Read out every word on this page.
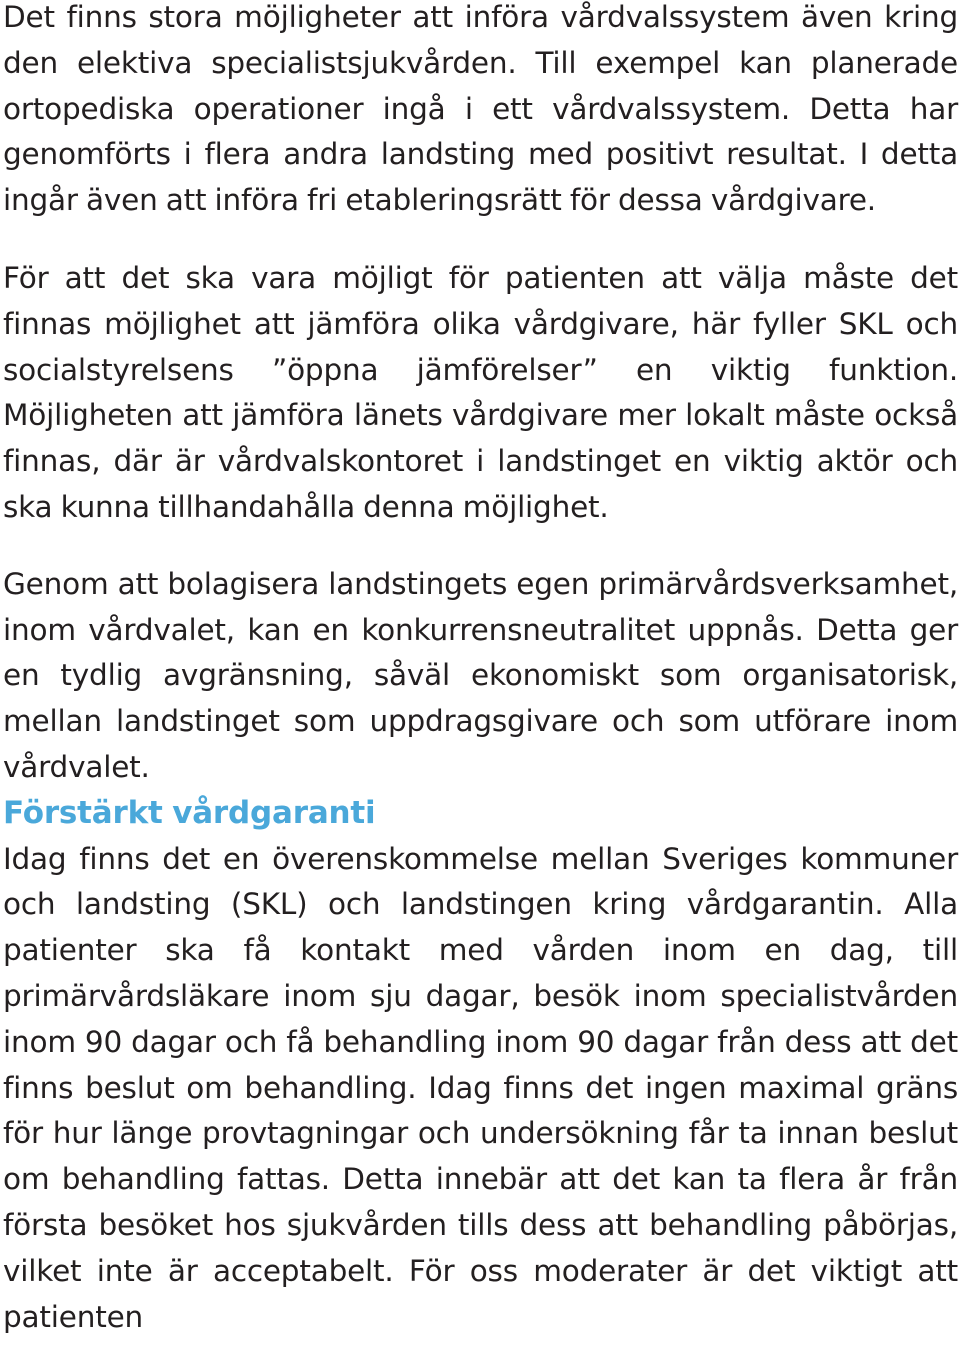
Det finns stora möjligheter att införa vårdvalssystem även kring den elektiva specialistsjukvården. Till exempel kan planerade ortopediska operationer ingå i ett vårdvalssystem. Detta har genomförts i flera andra landsting med positivt resultat. I detta ingår även att införa fri etableringsrätt för dessa vårdgivare.

För att det ska vara möjligt för patienten att välja måste det finnas möjlighet att jämföra olika vårdgivare, här fyller SKL och socialstyrelsens ”öppna jämförelser” en viktig funktion. Möjligheten att jämföra länets vårdgivare mer lokalt måste också finnas, där är vårdvalskontoret i landstinget en viktig aktör och ska kunna tillhandahålla denna möjlighet.

Genom att bolagisera landstingets egen primärvårdsverksamhet, inom vårdvalet, kan en konkurrensneutralitet uppnås. Detta ger en tydlig avgränsning, såväl ekonomiskt som organisatorisk, mellan landstinget som uppdragsgivare och som utförare inom vårdvalet.

Förstärkt vårdgaranti

Idag finns det en överenskommelse mellan Sveriges kommuner och landsting (SKL) och landstingen kring vårdgarantin. Alla patienter ska få kontakt med vården inom en dag, till primärvårdsläkare inom sju dagar, besök inom specialistvården inom 90 dagar och få behandling inom 90 dagar från dess att det finns beslut om behandling. Idag finns det ingen maximal gräns för hur länge provtagningar och undersökning får ta innan beslut om behandling fattas. Detta innebär att det kan ta flera år från första besöket hos sjukvården tills dess att behandling påbörjas, vilket inte är acceptabelt. För oss moderater är det viktigt att patienten
